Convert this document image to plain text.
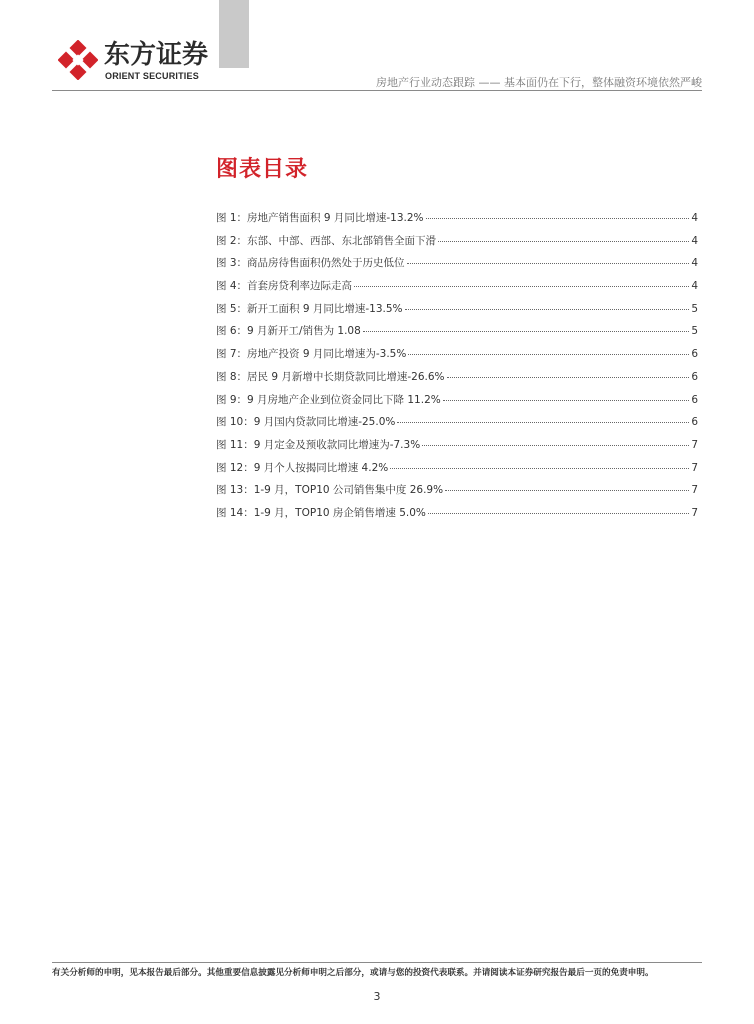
东方证券
ORIENT SECURITIES	房地产行业动态跟踪 —— 基本面仍在下行，整体融资环境依然严峻
图表目录
图 1：房地产销售面积 9 月同比增速-13.2%	4
图 2：东部、中部、西部、东北部销售全面下滑	4
图 3：商品房待售面积仍然处于历史低位	4
图 4：首套房贷利率边际走高	4
图 5：新开工面积 9 月同比增速-13.5%	5
图 6：9 月新开工/销售为 1.08	5
图 7：房地产投资 9 月同比增速为-3.5%	6
图 8：居民 9 月新增中长期贷款同比增速-26.6%	6
图 9：9 月房地产企业到位资金同比下降 11.2%	6
图 10：9 月国内贷款同比增速-25.0%	6
图 11：9 月定金及预收款同比增速为-7.3%	7
图 12：9 月个人按揭同比增速 4.2%	7
图 13：1-9 月，TOP10 公司销售集中度 26.9%	7
图 14：1-9 月，TOP10 房企销售增速 5.0%	7
有关分析师的申明，见本报告最后部分。其他重要信息披露见分析师申明之后部分，或请与您的投资代表联系。并请阅读本证券研究报告最后一页的免责申明。
3
